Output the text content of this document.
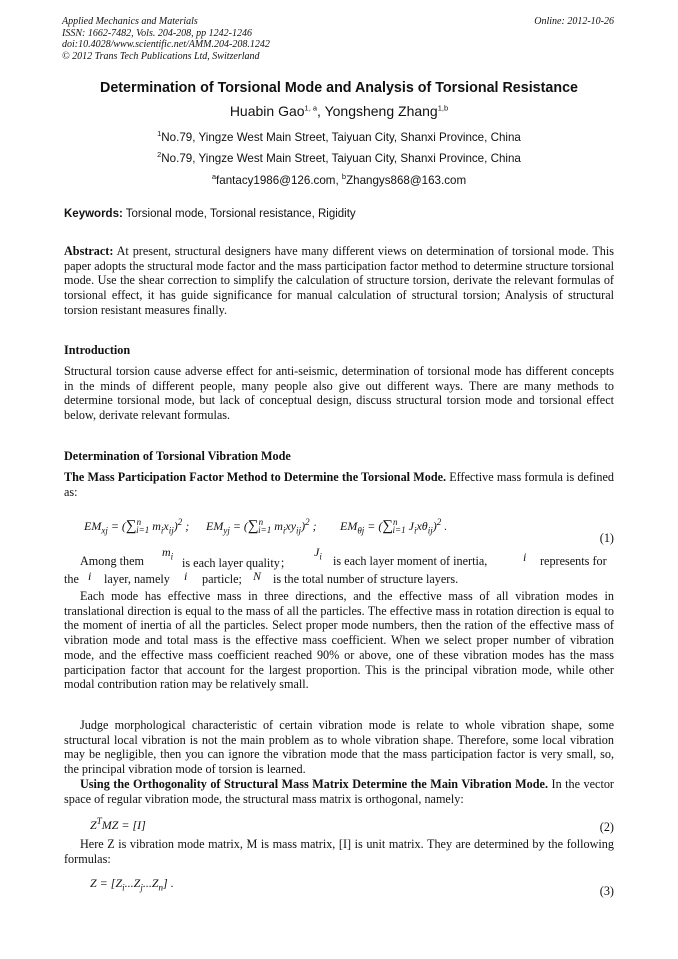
Applied Mechanics and Materials
ISSN: 1662-7482, Vols. 204-208, pp 1242-1246
doi:10.4028/www.scientific.net/AMM.204-208.1242
© 2012 Trans Tech Publications Ltd, Switzerland
Online: 2012-10-26
Determination of Torsional Mode and Analysis of Torsional Resistance
Huabin Gao$^{1, a}$, Yongsheng Zhang$^{1,b}$
$^1$No.79, Yingze West Main Street, Taiyuan City, Shanxi Province, China
$^2$No.79, Yingze West Main Street, Taiyuan City, Shanxi Province, China
$^a$fantacy1986@126.com, $^b$Zhangys868@163.com
Keywords: Torsional mode, Torsional resistance, Rigidity
Abstract: At present, structural designers have many different views on determination of torsional mode. This paper adopts the structural mode factor and the mass participation factor method to determine structure torsional mode. Use the shear correction to simplify the calculation of structure torsion, derivate the relevant formulas of torsional effect, it has guide significance for manual calculation of structural torsion; Analysis of structural torsion resistant measures finally.
Introduction
Structural torsion cause adverse effect for anti-seismic, determination of torsional mode has different concepts in the minds of different people, many people also give out different ways. There are many methods to determine torsional mode, but lack of conceptual design, discuss structural torsion mode and torsional effect below, derivate relevant formulas.
Determination of Torsional Vibration Mode
The Mass Participation Factor Method to Determine the Torsional Mode. Effective mass formula is defined as:
$EM_{xj} = (\sum^n_{i=1}$ $m_ix_{ij})^2$ ; $EM_{yj} = (\sum^n_{i=1}$ $m_ixy_{ij})^2$ ; $EM_{\theta j} = (\sum^n_{i=1}$ $J_ix\theta_{ij})^2$ .
(1)
Among them
$m_i$ is each layer quality；
$J_i$ is each layer moment of inertia,	i represents for
the i layer, namely i particle; N is the total number of structure layers.
Each mode has effective mass in three directions, and the effective mass of all vibration modes in translational direction is equal to the mass of all the particles. The effective mass in rotation direction is equal to the moment of inertia of all the particles. Select proper mode numbers, then the ration of the effective mass of vibration mode and total mass is the effective mass coefficient. When we select proper number of vibration mode, and the effective mass coefficient reached 90% or above, one of these vibration modes has the mass participation factor that account for the largest proportion. This is the principal vibration mode, while other modal contribution ration may be relatively small.
Judge morphological characteristic of certain vibration mode is relate to whole vibration shape, some structural local vibration is not the main problem as to whole vibration shape. Therefore, some local vibration may be negligible, then you can ignore the vibration mode that the mass participation factor is very small, so, the principal vibration mode of torsion is learned.
Using the Orthogonality of Structural Mass Matrix Determine the Main Vibration Mode. In the vector space of regular vibration mode, the structural mass matrix is orthogonal, namely:
$Z^TMZ = [I]$	(2)
Here Z is vibration mode matrix, M is mass matrix, [I] is unit matrix. They are determined by the following formulas:
$Z = [Z_i...Z_j...Z_n]$ .
(3)
